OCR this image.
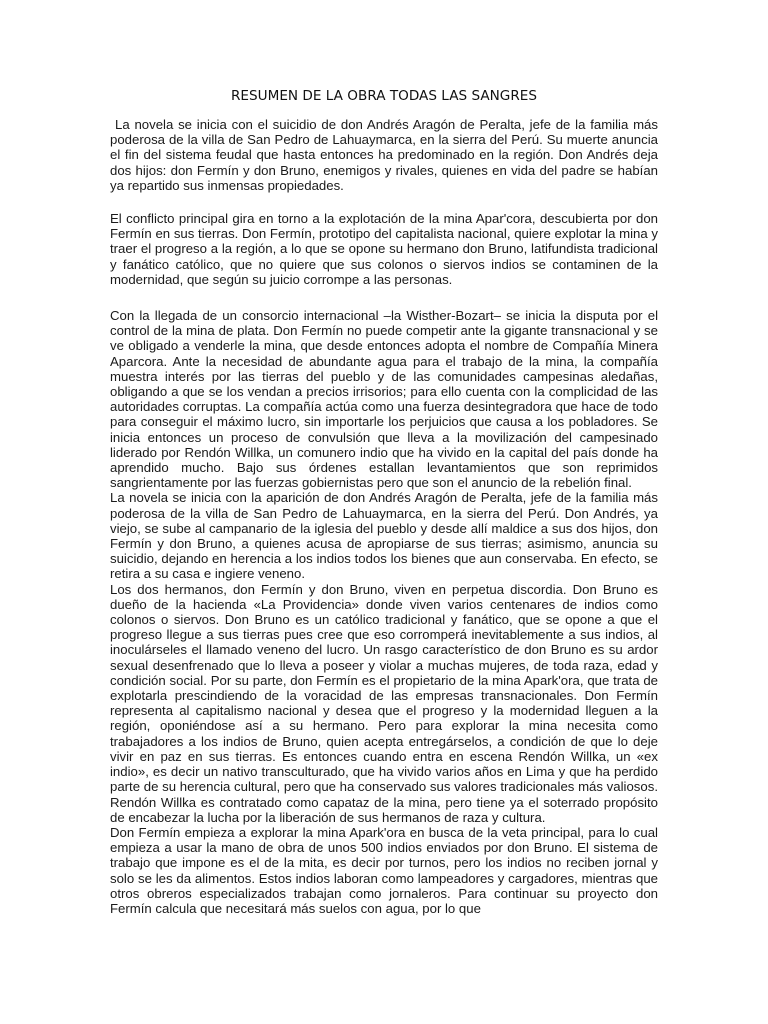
RESUMEN DE LA OBRA TODAS LAS SANGRES

La novela se inicia con el suicidio de don Andrés Aragón de Peralta, jefe de la familia más poderosa de la villa de San Pedro de Lahuaymarca, en la sierra del Perú. Su muerte anuncia el fin del sistema feudal que hasta entonces ha predominado en la región. Don Andrés deja dos hijos: don Fermín y don Bruno, enemigos y rivales, quienes en vida del padre se habían ya repartido sus inmensas propiedades.

El conflicto principal gira en torno a la explotación de la mina Apar'cora, descubierta por don Fermín en sus tierras. Don Fermín, prototipo del capitalista nacional, quiere explotar la mina y traer el progreso a la región, a lo que se opone su hermano don Bruno, latifundista tradicional y fanático católico, que no quiere que sus colonos o siervos indios se contaminen de la modernidad, que según su juicio corrompe a las personas.

Con la llegada de un consorcio internacional –la Wisther-Bozart– se inicia la disputa por el control de la mina de plata. Don Fermín no puede competir ante la gigante transnacional y se ve obligado a venderle la mina, que desde entonces adopta el nombre de Compañía Minera Aparcora. Ante la necesidad de abundante agua para el trabajo de la mina, la compañía muestra interés por las tierras del pueblo y de las comunidades campesinas aledañas, obligando a que se los vendan a precios irrisorios; para ello cuenta con la complicidad de las autoridades corruptas. La compañía actúa como una fuerza desintegradora que hace de todo para conseguir el máximo lucro, sin importarle los perjuicios que causa a los pobladores. Se inicia entonces un proceso de convulsión que lleva a la movilización del campesinado liderado por Rendón Willka, un comunero indio que ha vivido en la capital del país donde ha aprendido mucho. Bajo sus órdenes estallan levantamientos que son reprimidos sangrientamente por las fuerzas gobiernistas pero que son el anuncio de la rebelión final.
La novela se inicia con la aparición de don Andrés Aragón de Peralta, jefe de la familia más poderosa de la villa de San Pedro de Lahuaymarca, en la sierra del Perú. Don Andrés, ya viejo, se sube al campanario de la iglesia del pueblo y desde allí maldice a sus dos hijos, don Fermín y don Bruno, a quienes acusa de apropiarse de sus tierras; asimismo, anuncia su suicidio, dejando en herencia a los indios todos los bienes que aun conservaba. En efecto, se retira a su casa e ingiere veneno.
Los dos hermanos, don Fermín y don Bruno, viven en perpetua discordia. Don Bruno es dueño de la hacienda «La Providencia» donde viven varios centenares de indios como colonos o siervos. Don Bruno es un católico tradicional y fanático, que se opone a que el progreso llegue a sus tierras pues cree que eso corromperá inevitablemente a sus indios, al inoculárseles el llamado veneno del lucro. Un rasgo característico de don Bruno es su ardor sexual desenfrenado que lo lleva a poseer y violar a muchas mujeres, de toda raza, edad y condición social. Por su parte, don Fermín es el propietario de la mina Apark'ora, que trata de explotarla prescindiendo de la voracidad de las empresas transnacionales. Don Fermín representa al capitalismo nacional y desea que el progreso y la modernidad lleguen a la región, oponiéndose así a su hermano. Pero para explorar la mina necesita como trabajadores a los indios de Bruno, quien acepta entregárselos, a condición de que lo deje vivir en paz en sus tierras. Es entonces cuando entra en escena Rendón Willka, un «ex indio», es decir un nativo transculturado, que ha vivido varios años en Lima y que ha perdido parte de su herencia cultural, pero que ha conservado sus valores tradicionales más valiosos. Rendón Willka es contratado como capataz de la mina, pero tiene ya el soterrado propósito de encabezar la lucha por la liberación de sus hermanos de raza y cultura.
Don Fermín empieza a explorar la mina Apark'ora en busca de la veta principal, para lo cual empieza a usar la mano de obra de unos 500 indios enviados por don Bruno. El sistema de trabajo que impone es el de la mita, es decir por turnos, pero los indios no reciben jornal y solo se les da alimentos. Estos indios laboran como lampeadores y cargadores, mientras que otros obreros especializados trabajan como jornaleros. Para continuar su proyecto don Fermín calcula que necesitará más suelos con agua, por lo que
